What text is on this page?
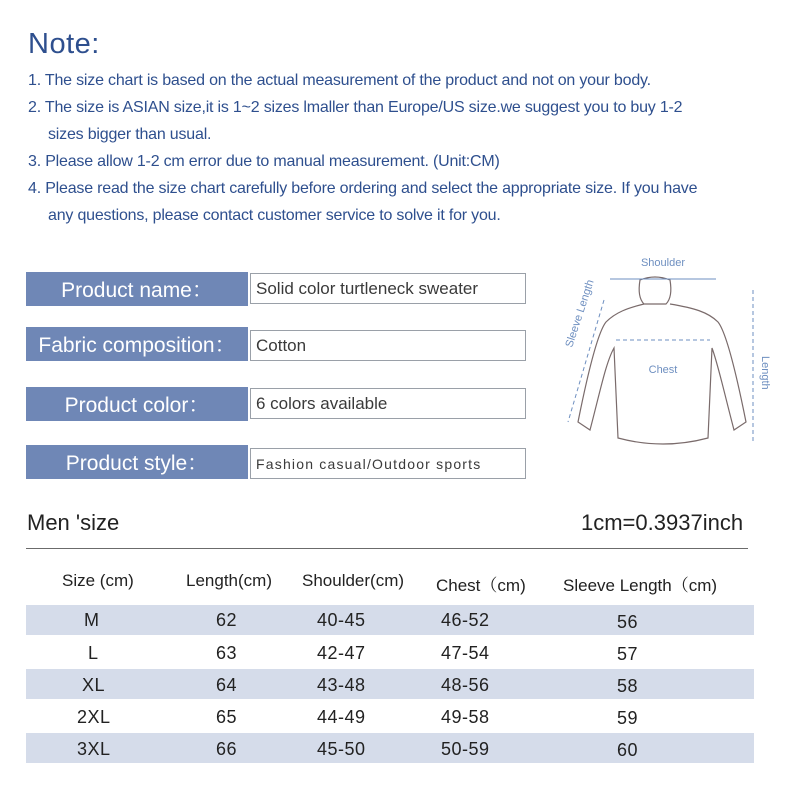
Note:
1. The size chart is based on the actual measurement of the product and not on your body.
2. The size is ASIAN size,it is 1~2 sizes lmaller than Europe/US size.we suggest you to buy 1-2
sizes bigger than usual.
3. Please allow 1-2 cm error due to manual measurement. (Unit:CM)
4. Please read the size chart carefully before ordering and select the appropriate size. If you have
any questions, please contact customer service to solve it for you.
Product name：	Solid color turtleneck sweater
Fabric composition：	Cotton
Product color：	6 colors available
Product style：	Fashion casual/Outdoor sports
Shoulder
Chest
Sleeve Length
Length
Men 'size	1cm=0.3937inch
Size (cm)	Length(cm) Shoulder(cm) Chest（cm) Sleeve Length（cm)
M	62	40-45	46-52	56
L	63	42-47	47-54	57
XL	64	43-48	48-56	58
2XL	65	44-49	49-58	59
3XL	66	45-50	50-59	60
